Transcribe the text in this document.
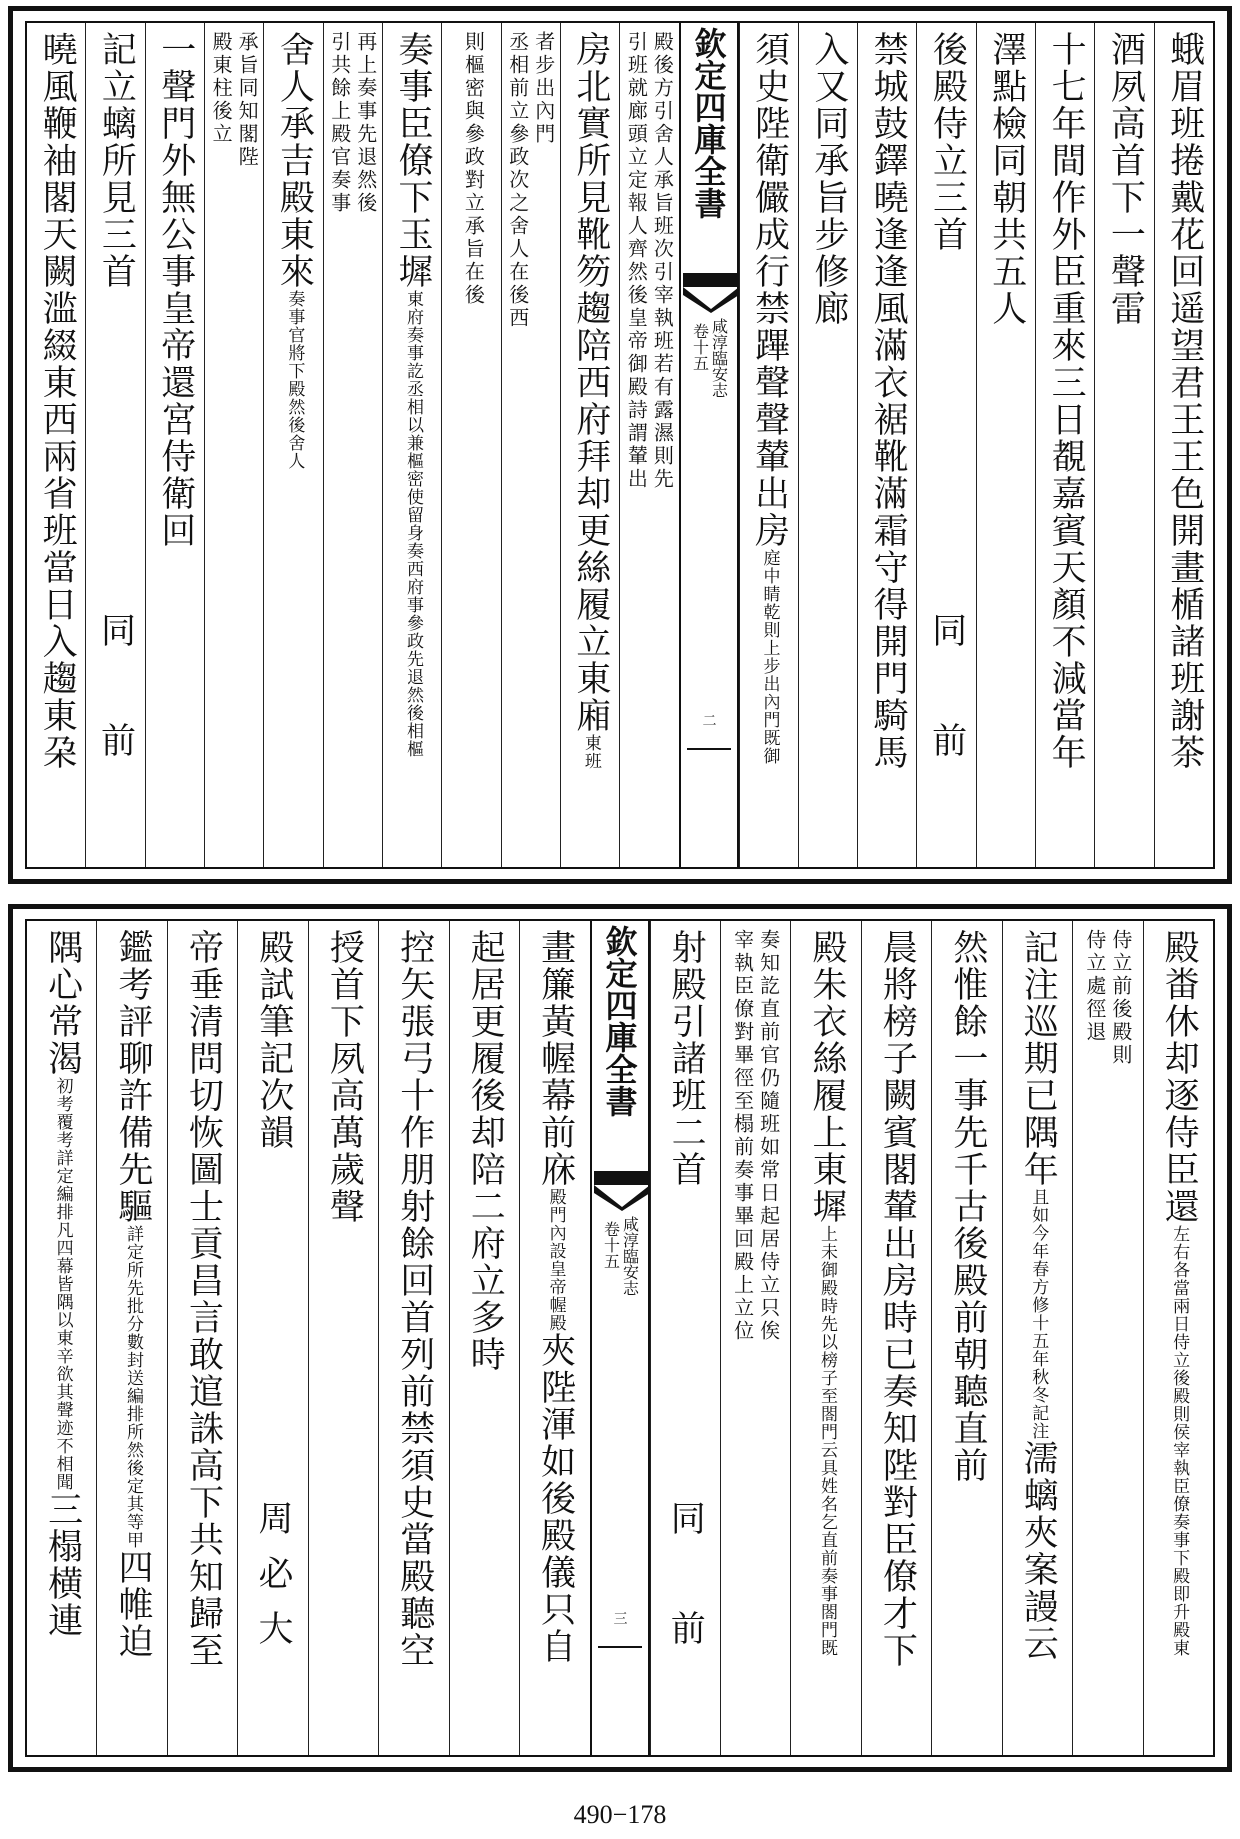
蛾眉班捲戴花回遥望君王王色開畫楯諸班謝茶
酒夙高首下一聲雷
十七年間作外臣重來三日覩嘉賓天顏不減當年
澤點檢同朝共五人
後殿侍立三首
同　前
禁城鼓鐸曉逢逢風滿衣裾靴滿霜守得開門騎馬
入又同承旨步修廊
須史陛衛儼成行禁蹕聲聲輦出房庭中睛乾則上步出內門既御
欽定四庫全書
卷十五 咸淳臨安志
二
殿後方引舍人承旨班次引宰執班若有露濕則先
引班就廊頭立定報人齊然後皇帝御殿詩謂輦出
房北實所見靴笏趨陪西府拜却更絲履立東廂東班
者步出內門
丞相前立參政次之舍人在後西
則樞密與參政對立承旨在後
奏事臣僚下玉墀東府奏事訖丞相以兼樞密使留身奏西府事參政先退然後相樞
再上奏事先退然後
引共餘上殿官奏事
舍人承吉殿東來奏事官將下殿然後舍人
承旨同知閣陛
殿東柱後立
一聲門外無公事皇帝還宮侍衛回
記立螭所見三首
同　前
曉風鞭袖閣天闕滥綴東西兩省班當日入趨東朶
殿畨休却逐侍臣還左右各當兩日侍立後殿則侯宰執臣僚奏事下殿即升殿東
侍立前後殿則
侍立處徑退
記注巡期已隅年且如今年春方修十五年秋冬記注濡螭夾案謾云
然惟餘一事先千古後殿前朝聽直前
晨將榜子闕賓閣輦出房時已奏知陛對臣僚才下
殿朱衣絲履上東墀上未御殿時先以榜子至閤門云具姓名乞直前奏事閤門既
奏知訖直前官仍隨班如常日起居侍立只俟
宰執臣僚對畢徑至榻前奏事畢回殿上立位
射殿引諸班二首
同　前
欽定四庫全書
卷十五 咸淳臨安志
三
畫簾黃幄幕前庥殿門內設皇帝幄殿夾陛渾如後殿儀只自
起居更履後却陪二府立多時
控矢張弓十作朋射餘回首列前禁須史當殿聽空
授首下夙高萬歲聲
殿試筆記次韻
周必大
帝垂清問切恢圖士貢昌言敢逭誅高下共知歸至
鑑考評聊許備先驅詳定所先批分數封送編排所然後定其等甲四帷迫
隅心常渴初考覆考詳定編排凡四幕皆隅以東辛欲其聲迹不相聞三榻横連
490−178
